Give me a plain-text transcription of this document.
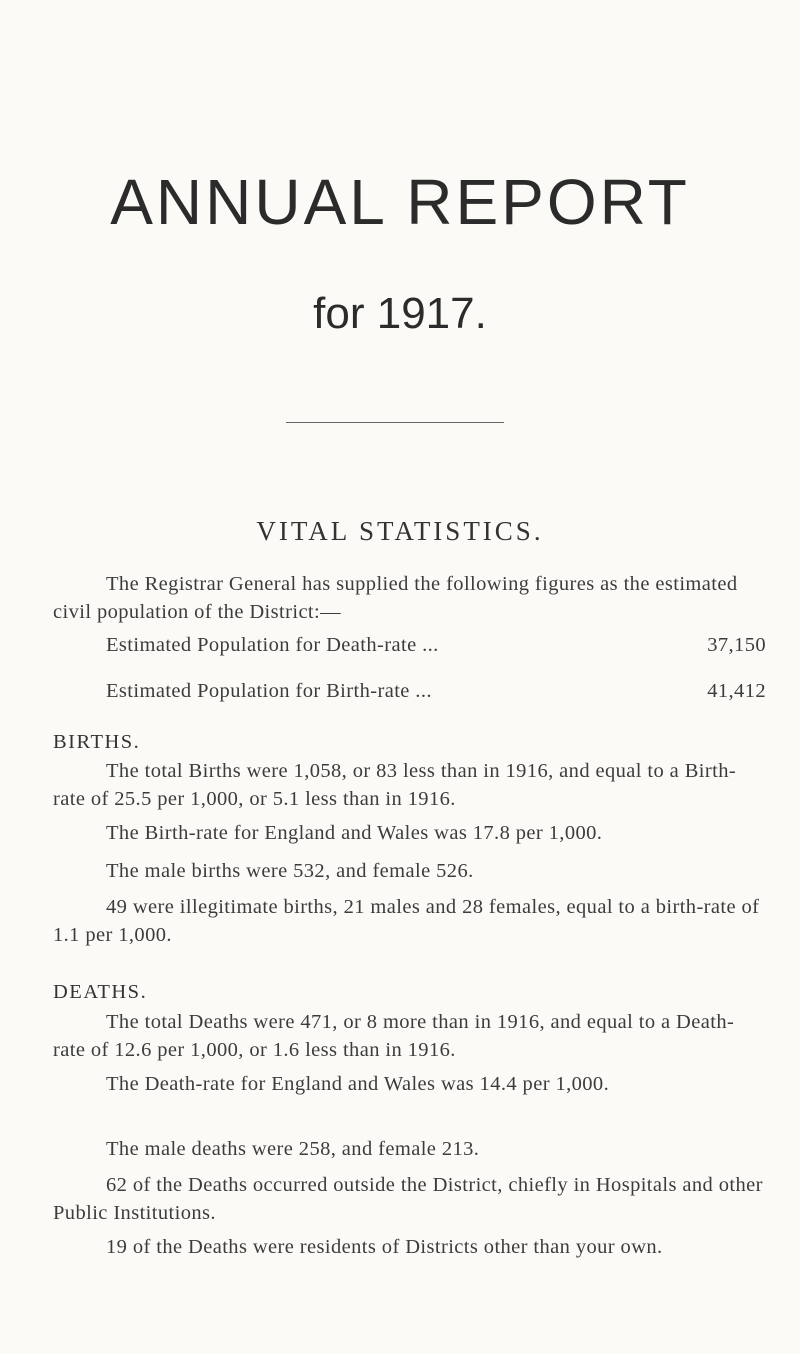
ANNUAL REPORT
for 1917.
VITAL STATISTICS.
The Registrar General has supplied the following figures as the estimated civil population of the District:—
Estimated Population for Death-rate ...	37,150
Estimated Population for Birth-rate ...	41,412
BIRTHS.
The total Births were 1,058, or 83 less than in 1916, and equal to a Birth-rate of 25.5 per 1,000, or 5.1 less than in 1916.
The Birth-rate for England and Wales was 17.8 per 1,000.
The male births were 532, and female 526.
49 were illegitimate births, 21 males and 28 females, equal to a birth-rate of 1.1 per 1,000.
DEATHS.
The total Deaths were 471, or 8 more than in 1916, and equal to a Death-rate of 12.6 per 1,000, or 1.6 less than in 1916.
The Death-rate for England and Wales was 14.4 per 1,000.
The male deaths were 258, and female 213.
62 of the Deaths occurred outside the District, chiefly in Hospitals and other Public Institutions.
19 of the Deaths were residents of Districts other than your own.
